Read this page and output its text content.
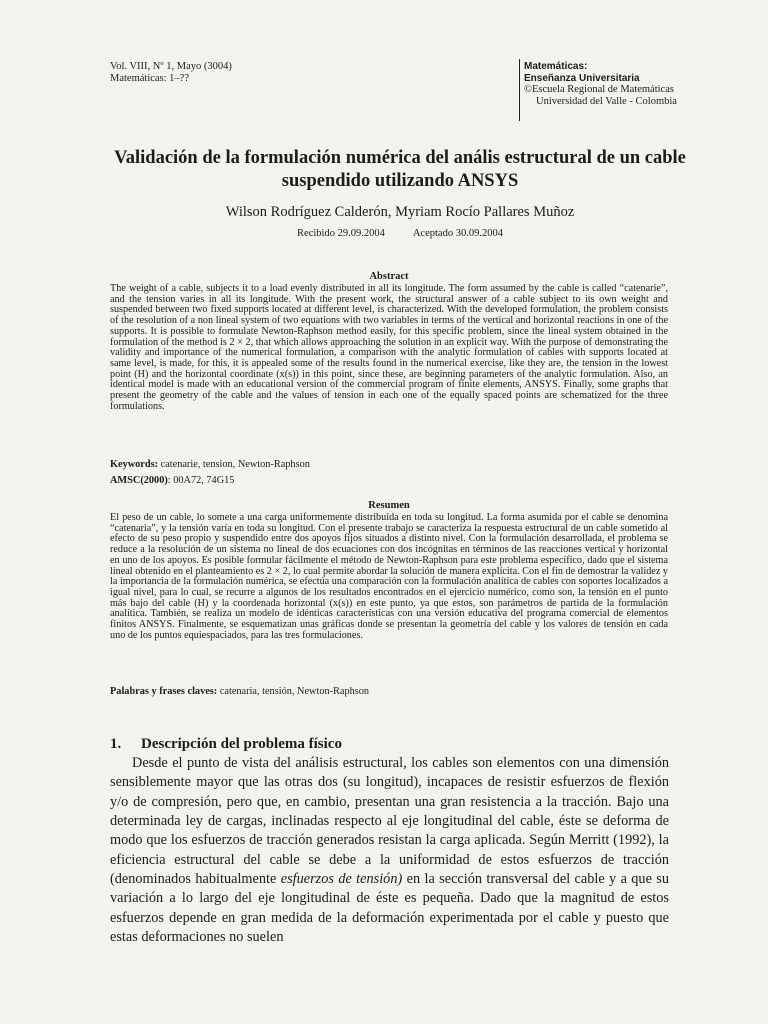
Vol. VIII, Nº 1, Mayo (3004)
Matemáticas: 1–??
Matemáticas:
Enseñanza Universitaria
©Escuela Regional de Matemáticas
Universidad del Valle - Colombia
Validación de la formulación numérica del anális estructural de un cable suspendido utilizando ANSYS
Wilson Rodríguez Calderón, Myriam Rocío Pallares Muñoz
Recibido 29.09.2004	Aceptado 30.09.2004
Abstract
The weight of a cable, subjects it to a load evenly distributed in all its longitude. The form assumed by the cable is called “catenarie”, and the tension varies in all its longitude. With the present work, the structural answer of a cable subject to its own weight and suspended between two fixed supports located at different level, is characterized. With the developed formulation, the problem consists of the resolution of a non lineal system of two equations with two variables in terms of the vertical and horizontal reactions in one of the supports. It is possible to formulate Newton-Raphson method easily, for this specific problem, since the lineal system obtained in the formulation of the method is 2 × 2, that which allows approaching the solution in an explicit way. With the purpose of demonstrating the validity and importance of the numerical formulation, a comparison with the analytic formulation of cables with supports located at same level, is made, for this, it is appealed some of the results found in the numerical exercise, like they are, the tension in the lowest point (H) and the horizontal coordinate (x(s)) in this point, since these, are beginning parameters of the analytic formulation. Also, an identical model is made with an educational version of the commercial program of finite elements, ANSYS. Finally, some graphs that present the geometry of the cable and the values of tension in each one of the equally spaced points are schematized for the three formulations.
Keywords: catenarie, tension, Newton-Raphson
AMSC(2000): 00A72, 74G15
Resumen
El peso de un cable, lo somete a una carga uniformemente distribuida en toda su longitud. La forma asumida por el cable se denomina “catenaria”, y la tensión varía en toda su longitud. Con el presente trabajo se caracteriza la respuesta estructural de un cable sometido al efecto de su peso propio y suspendido entre dos apoyos fijos situados a distinto nivel. Con la formulación desarrollada, el problema se reduce a la resolución de un sistema no lineal de dos ecuaciones con dos incógnitas en términos de las reacciones vertical y horizontal en uno de los apoyos. Es posible formular fácilmente el método de Newton-Raphson para este problema específico, dado que el sistema lineal obtenido en el planteamiento es 2 × 2, lo cual permite abordar la solución de manera explícita. Con el fin de demostrar la validez y la importancia de la formulación numérica, se efectúa una comparación con la formulación analítica de cables con soportes localizados a igual nivel, para lo cual, se recurre a algunos de los resultados encontrados en el ejercicio numérico, como son, la tensión en el punto más bajo del cable (H) y la coordenada horizontal (x(s)) en este punto, ya que estos, son parámetros de partida de la formulación analítica. También, se realiza un modelo de idénticas características con una versión educativa del programa comercial de elementos finitos ANSYS. Finalmente, se esquematizan unas gráficas donde se presentan la geometría del cable y los valores de tensión en cada uno de los puntos equiespaciados, para las tres formulaciones.
Palabras y frases claves: catenaria, tensión, Newton-Raphson
1. Descripción del problema físico
Desde el punto de vista del análisis estructural, los cables son elementos con una dimensión sensiblemente mayor que las otras dos (su longitud), incapaces de resistir esfuerzos de flexión y/o de compresión, pero que, en cambio, presentan una gran resistencia a la tracción. Bajo una determinada ley de cargas, inclinadas respecto al eje longitudinal del cable, éste se deforma de modo que los esfuerzos de tracción generados resistan la carga aplicada. Según Merritt (1992), la eficiencia estructural del cable se debe a la uniformidad de estos esfuerzos de tracción (denominados habitualmente esfuerzos de tensión) en la sección transversal del cable y a que su variación a lo largo del eje longitudinal de éste es pequeña. Dado que la magnitud de estos esfuerzos depende en gran medida de la deformación experimentada por el cable y puesto que estas deformaciones no suelen
